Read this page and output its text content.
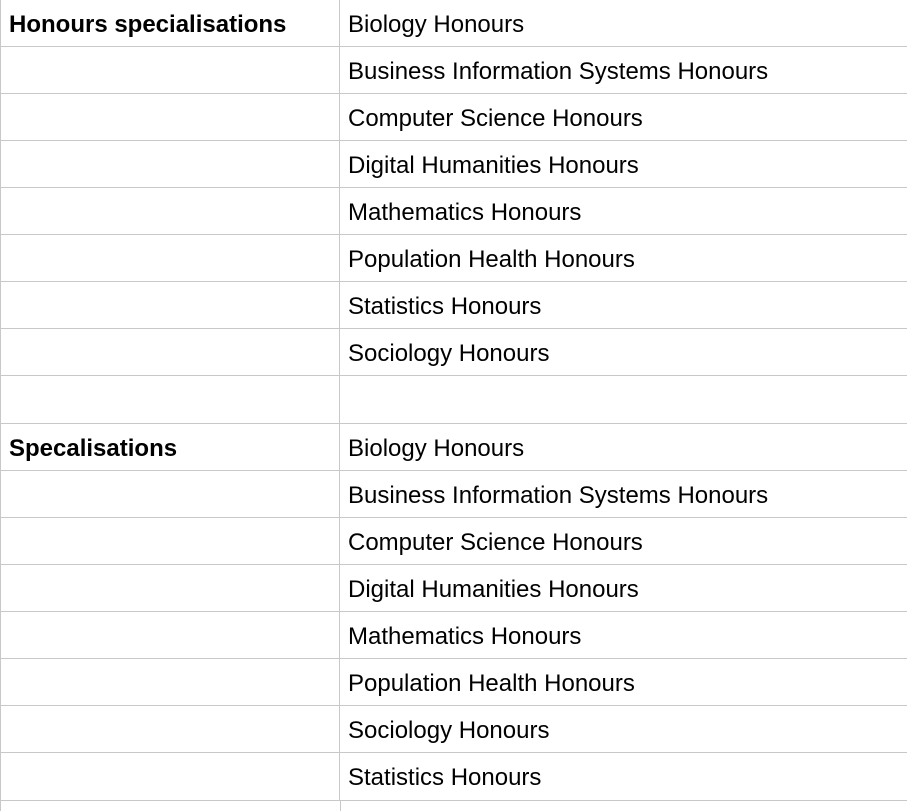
Honours specialisations	Biology Honours
Business Information Systems Honours
Computer Science Honours
Digital Humanities Honours
Mathematics Honours
Population Health Honours
Statistics Honours
Sociology Honours
Specalisations	Biology Honours
Business Information Systems Honours
Computer Science Honours
Digital Humanities Honours
Mathematics Honours
Population Health Honours
Sociology Honours
Statistics Honours
